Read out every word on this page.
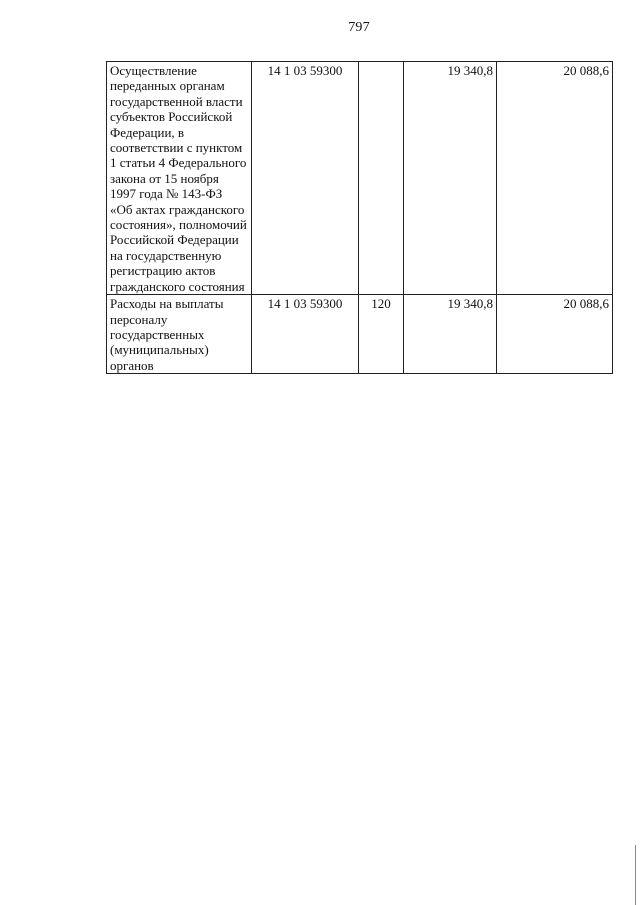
797
Осуществление переданных органам государственной власти субъектов Российской Федерации, в соответствии с пунктом 1 статьи 4 Федерального закона от 15 ноября 1997 года № 143-ФЗ «Об актах гражданского состояния», полномочий Российской Федерации на государственную регистрацию актов гражданского состояния	14 1 03 59300		19 340,8	20 088,6
Расходы на выплаты персоналу государственных (муниципальных) органов	14 1 03 59300	120	19 340,8	20 088,6
